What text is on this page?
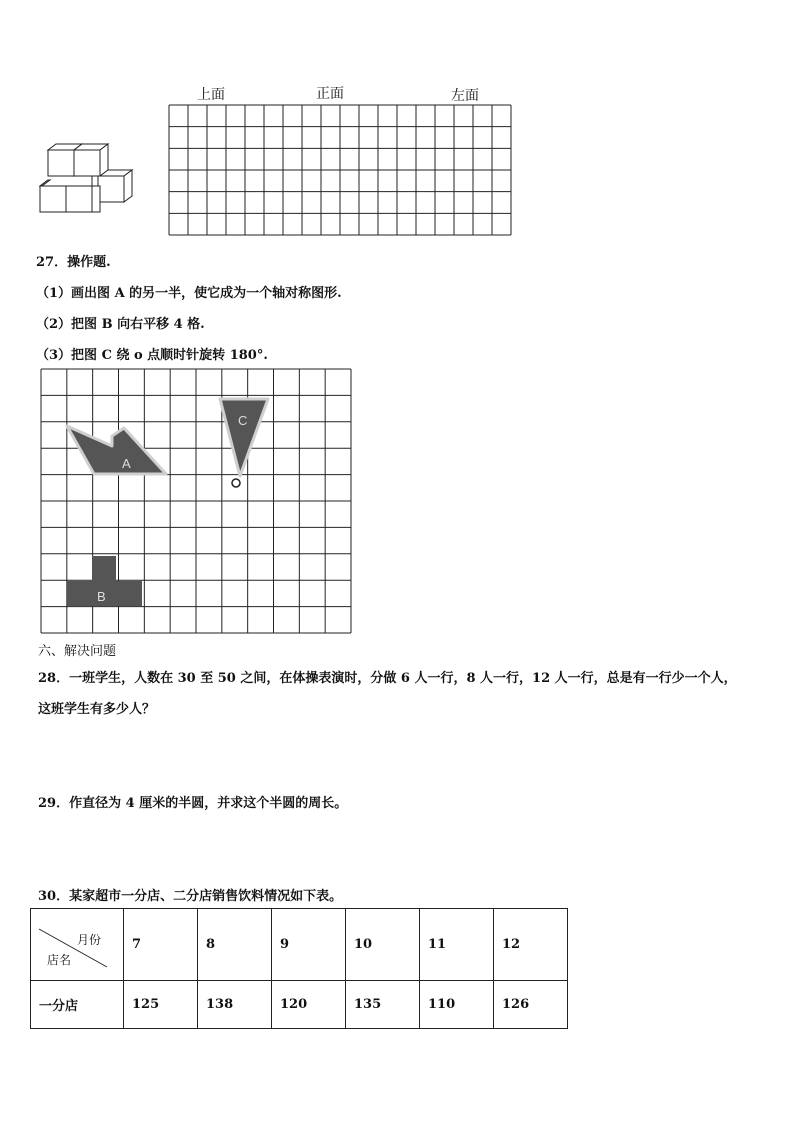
上面	正面	左面
27．操作题.
（1）画出图 A 的另一半，使它成为一个轴对称图形.
（2）把图 B 向右平移 4 格.
（3）把图 C 绕 o 点顺时针旋转 180°.
A
C
B
六、解决问题
28．一班学生，人数在 30 至 50 之间，在体操表演时，分做 6 人一行，8 人一行，12 人一行，总是有一行少一个人，
这班学生有多少人？
29．作直径为 4 厘米的半圆，并求这个半圆的周长。
30．某家超市一分店、二分店销售饮料情况如下表。
月份
店名	7	8	9	10	11	12
一分店	125	138	120	135	110	126
